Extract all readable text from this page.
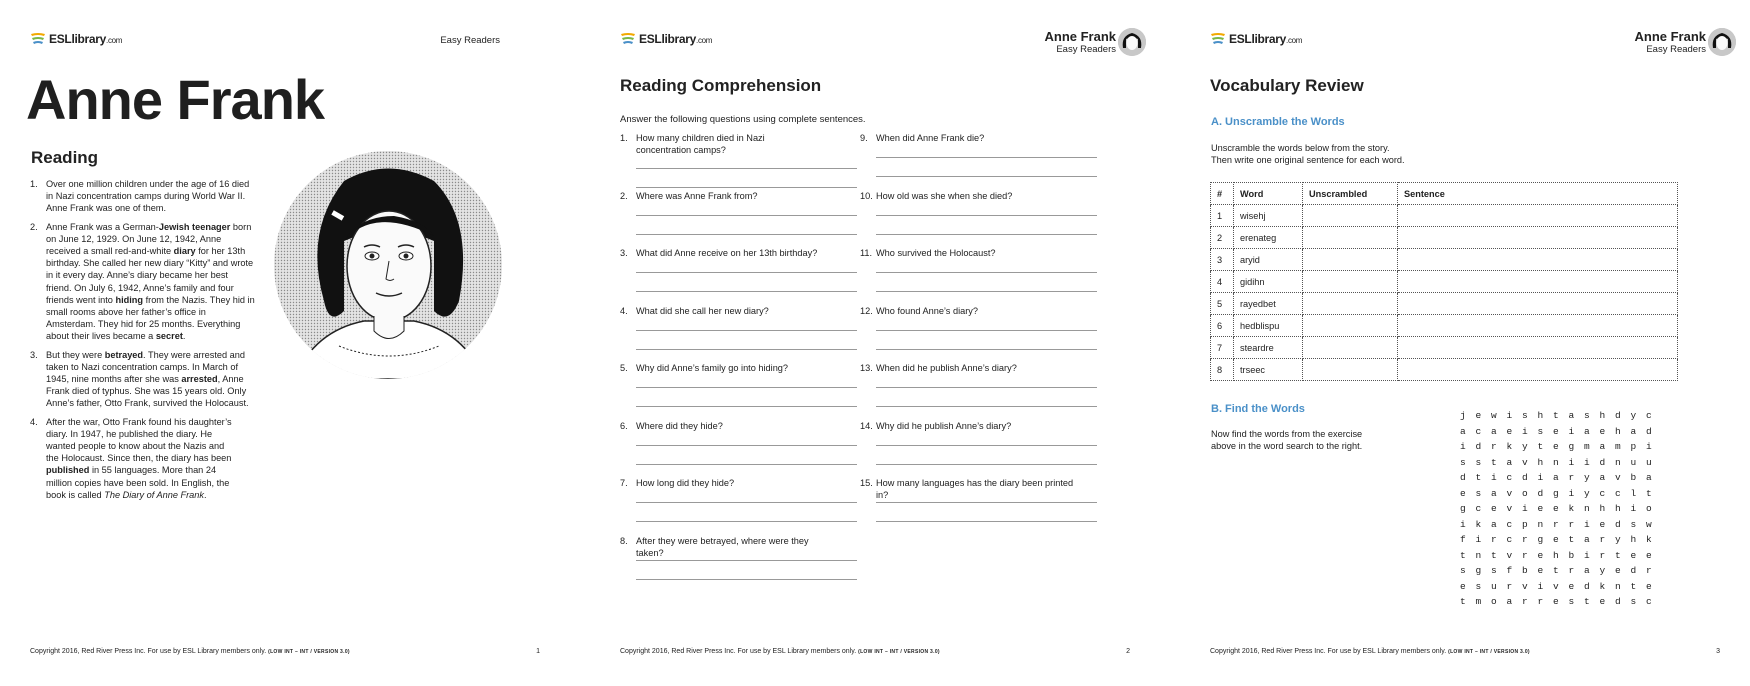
ESLlibrary.com	Easy Readers
Anne Frank
Reading
1. Over one million children under the age of 16 died in Nazi concentration camps during World War II. Anne Frank was one of them.
2. Anne Frank was a German-Jewish teenager born on June 12, 1929. On June 12, 1942, Anne received a small red-and-white diary for her 13th birthday. She called her new diary “Kitty” and wrote in it every day. Anne’s diary became her best friend. On July 6, 1942, Anne’s family and four friends went into hiding from the Nazis. They hid in small rooms above her father’s office in Amsterdam. They hid for 25 months. Everything about their lives became a secret.
3. But they were betrayed. They were arrested and taken to Nazi concentration camps. In March of 1945, nine months after she was arrested, Anne Frank died of typhus. She was 15 years old. Only Anne’s father, Otto Frank, survived the Holocaust.
4. After the war, Otto Frank found his daughter’s diary. In 1947, he published the diary. He wanted people to know about the Nazis and the Holocaust. Since then, the diary has been published in 55 languages. More than 24 million copies have been sold. In English, the book is called The Diary of Anne Frank.
Copyright 2016, Red River Press Inc. For use by ESL Library members only. (LOW INT – INT / VERSION 3.0)	1
ESLlibrary.com	Anne Frank
Easy Readers
Reading Comprehension
Answer the following questions using complete sentences.
1. How many children died in Nazi concentration camps?
2. Where was Anne Frank from?
3. What did Anne receive on her 13th birthday?
4. What did she call her new diary?
5. Why did Anne’s family go into hiding?
6. Where did they hide?
7. How long did they hide?
8. After they were betrayed, where were they taken?
9. When did Anne Frank die?
10. How old was she when she died?
11. Who survived the Holocaust?
12. Who found Anne’s diary?
13. When did he publish Anne’s diary?
14. Why did he publish Anne’s diary?
15. How many languages has the diary been printed in?
Copyright 2016, Red River Press Inc. For use by ESL Library members only. (LOW INT – INT / VERSION 3.0)	2
ESLlibrary.com	Anne Frank
Easy Readers
Vocabulary Review
A. Unscramble the Words
Unscramble the words below from the story.
Then write one original sentence for each word.
#	Word	Unscrambled	Sentence
1	wisehj		
2	erenateg		
3	aryid		
4	gidihn		
5	rayedbet		
6	hedblispu		
7	steardre		
8	trseec		
B. Find the Words
Now find the words from the exercise
above in the word search to the right.
j	e	w	i	s	h	t	a	s	h	d	y	c
a	c	a	e	i	s	e	i	a	e	h	a	d
i	d	r	k	y	t	e	g	m	a	m	p	i
s	s	t	a	v	h	n	i	i	d	n	u	u
d	t	i	c	d	i	a	r	y	a	v	b	a
e	s	a	v	o	d	g	i	y	c	c	l	t
g	c	e	v	i	e	e	k	n	h	h	i	o
i	k	a	c	p	n	r	r	i	e	d	s	w
f	i	r	c	r	g	e	t	a	r	y	h	k
t	n	t	v	r	e	h	b	i	r	t	e	e
s	g	s	f	b	e	t	r	a	y	e	d	r
e	s	u	r	v	i	v	e	d	k	n	t	e
t	m	o	a	r	r	e	s	t	e	d	s	c
Copyright 2016, Red River Press Inc. For use by ESL Library members only. (LOW INT – INT / VERSION 3.0)	3
